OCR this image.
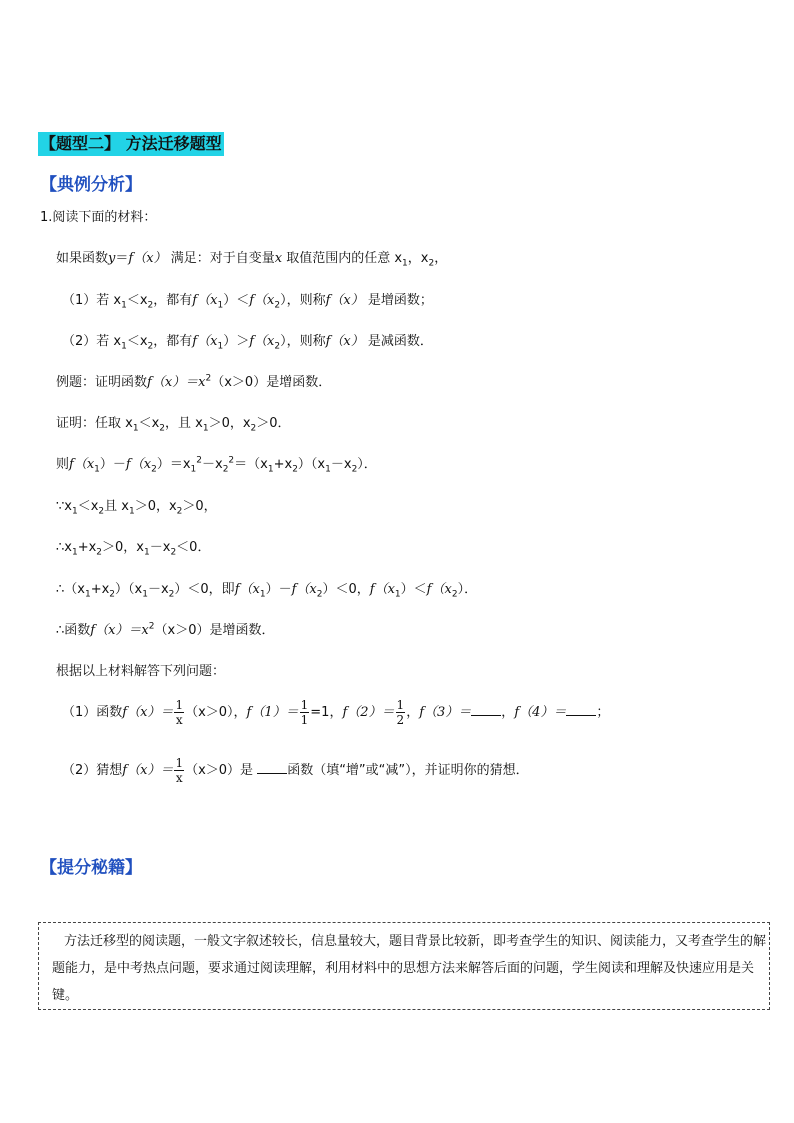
【题型二】 方法迁移题型
【典例分析】
1.阅读下面的材料：
如果函数y＝f（x） 满足：对于自变量x 取值范围内的任意 $x_1$，$x_2$，
（1）若 $x_1<x_2$，都有$f(x_1)<f(x_2)$，则称f（x） 是增函数；
（2）若 $x_1<x_2$，都有$f(x_1)>f(x_2)$，则称f（x） 是减函数．
例题：证明函数$f(x)=x^2(x>0)$是增函数．
证明：任取 $x_1<x_2$，且 $x_1>0$，$x_2>0$．
则$f(x_1)-f(x_2)=x_1^2-x_2^2=(x_1+x_2)(x_1-x_2)$．
$\because x_1<x_2$且 $x_1>0$，$x_2>0$，
$\therefore x_1+x_2>0$，$x_1-x_2<0$．
$\therefore(x_1+x_2)(x_1-x_2)<0$，即$f(x_1)-f(x_2)<0$，$f(x_1)<f(x_2)$．
∴函数$f(x)=x^2(x>0)$是增函数．
根据以上材料解答下列问题：
（1）函数$f(x)= \frac{1}{x} (x>0)$，$f(1)= \frac{1}{1} =1$，$f(2)= \frac{1}{2}$ ，f（3）＝ ，f（4）＝ ；
（2）猜想$f(x)= \frac{1}{x} (x>0)$是	函数（填“增”或“减”），并证明你的猜想．
【提分秘籍】
方法迁移型的阅读题，一般文字叙述较长，信息量较大，题目背景比较新，即考查学生的知识、阅读能力，又考查学生的解题能力，是中考热点问题，要求通过阅读理解，利用材料中的思想方法来解答后面的问题，学生阅读和理解及快速应用是关键。
